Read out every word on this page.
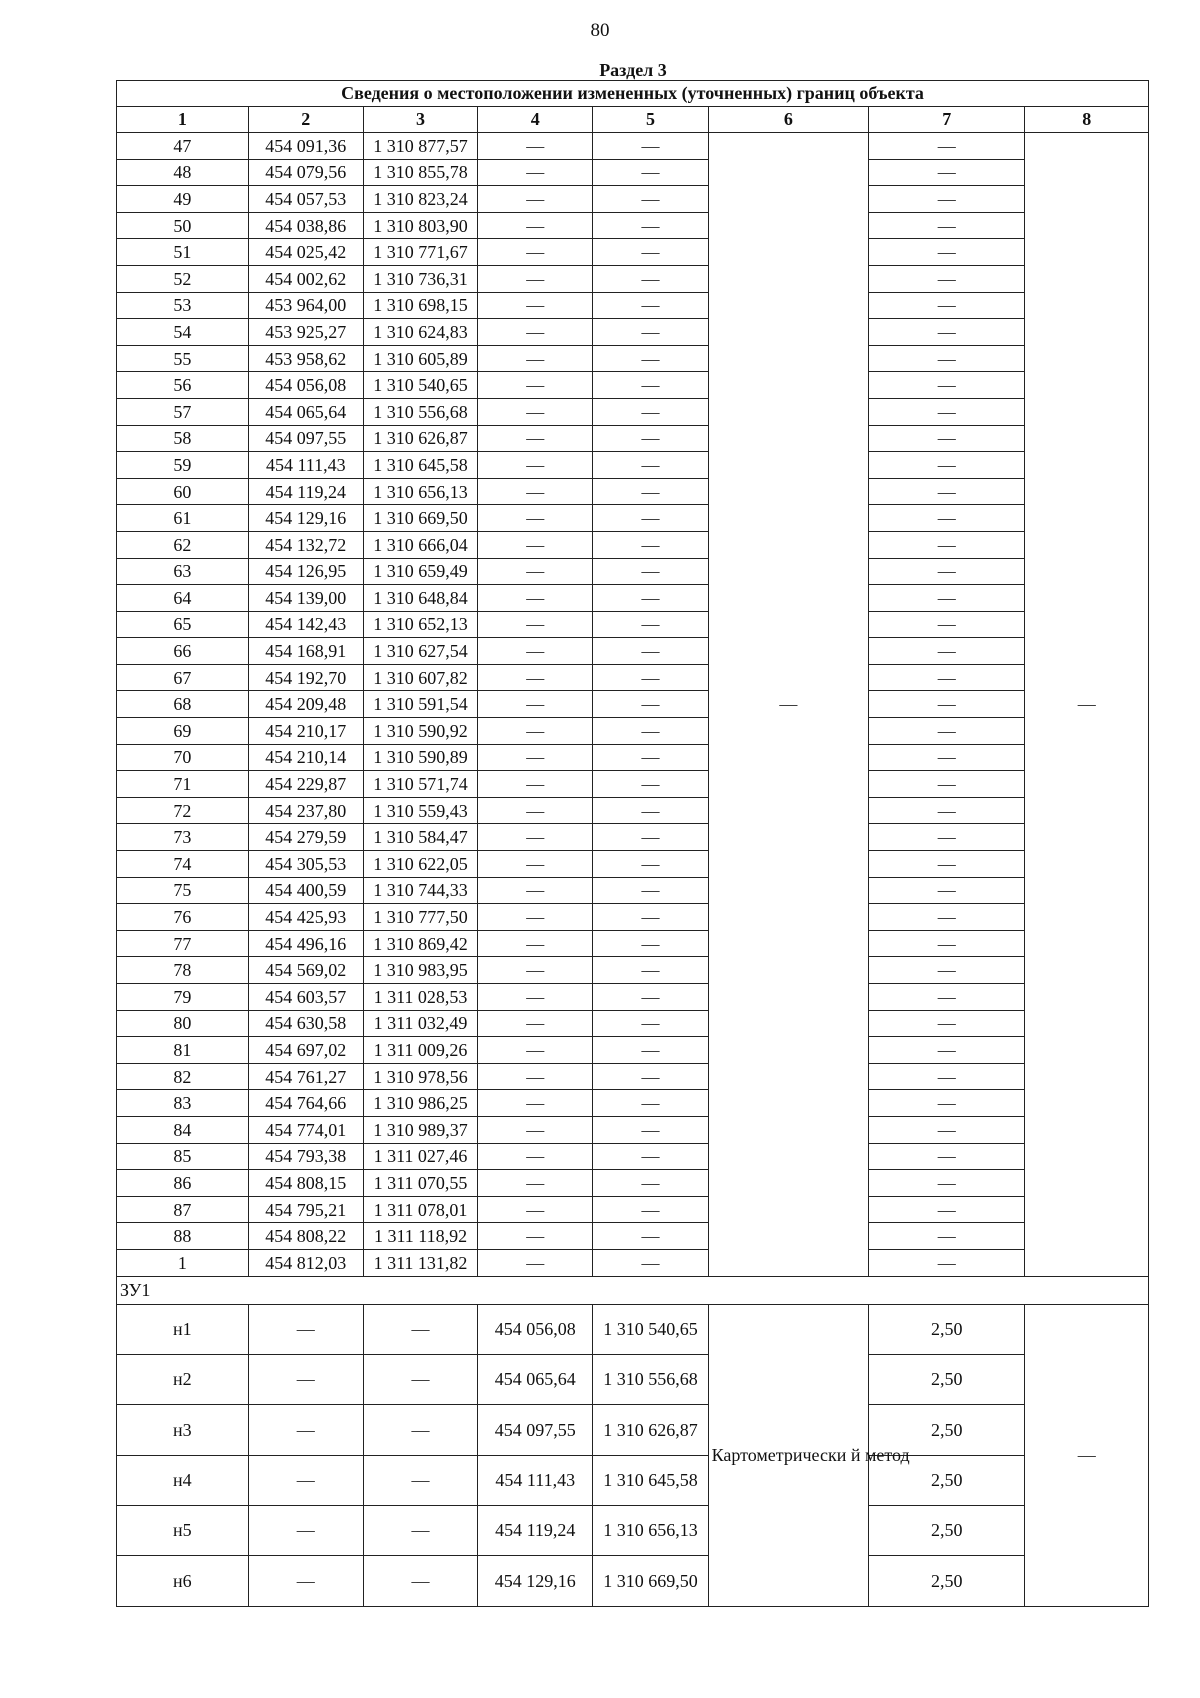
80
Раздел 3
Сведения о местоположении измененных (уточненных) границ объекта							
1	2	3	4	5	6	7	8
47	454 091,36	1 310 877,57	—	—	—	—	—
48	454 079,56	1 310 855,78	—	—		—	
49	454 057,53	1 310 823,24	—	—		—	
50	454 038,86	1 310 803,90	—	—		—	
51	454 025,42	1 310 771,67	—	—		—	
52	454 002,62	1 310 736,31	—	—		—	
53	453 964,00	1 310 698,15	—	—		—	
54	453 925,27	1 310 624,83	—	—		—	
55	453 958,62	1 310 605,89	—	—		—	
56	454 056,08	1 310 540,65	—	—		—	
57	454 065,64	1 310 556,68	—	—		—	
58	454 097,55	1 310 626,87	—	—		—	
59	454 111,43	1 310 645,58	—	—		—	
60	454 119,24	1 310 656,13	—	—		—	
61	454 129,16	1 310 669,50	—	—		—	
62	454 132,72	1 310 666,04	—	—		—	
63	454 126,95	1 310 659,49	—	—		—	
64	454 139,00	1 310 648,84	—	—		—	
65	454 142,43	1 310 652,13	—	—		—	
66	454 168,91	1 310 627,54	—	—		—	
67	454 192,70	1 310 607,82	—	—		—	
68	454 209,48	1 310 591,54	—	—		—	
69	454 210,17	1 310 590,92	—	—		—	
70	454 210,14	1 310 590,89	—	—		—	
71	454 229,87	1 310 571,74	—	—		—	
72	454 237,80	1 310 559,43	—	—		—	
73	454 279,59	1 310 584,47	—	—		—	
74	454 305,53	1 310 622,05	—	—		—	
75	454 400,59	1 310 744,33	—	—		—	
76	454 425,93	1 310 777,50	—	—		—	
77	454 496,16	1 310 869,42	—	—		—	
78	454 569,02	1 310 983,95	—	—		—	
79	454 603,57	1 311 028,53	—	—		—	
80	454 630,58	1 311 032,49	—	—		—	
81	454 697,02	1 311 009,26	—	—		—	
82	454 761,27	1 310 978,56	—	—		—	
83	454 764,66	1 310 986,25	—	—		—	
84	454 774,01	1 310 989,37	—	—		—	
85	454 793,38	1 311 027,46	—	—		—	
86	454 808,15	1 311 070,55	—	—		—	
87	454 795,21	1 311 078,01	—	—		—	
88	454 808,22	1 311 118,92	—	—		—	
1	454 812,03	1 311 131,82	—	—		—	
ЗУ1							
н1	—	—	454 056,08	1 310 540,65	Картометрически й метод	2,50	—
н2	—	—	454 065,64	1 310 556,68		2,50	
н3	—	—	454 097,55	1 310 626,87		2,50	
н4	—	—	454 111,43	1 310 645,58		2,50	
н5	—	—	454 119,24	1 310 656,13		2,50	
н6	—	—	454 129,16	1 310 669,50		2,50	
